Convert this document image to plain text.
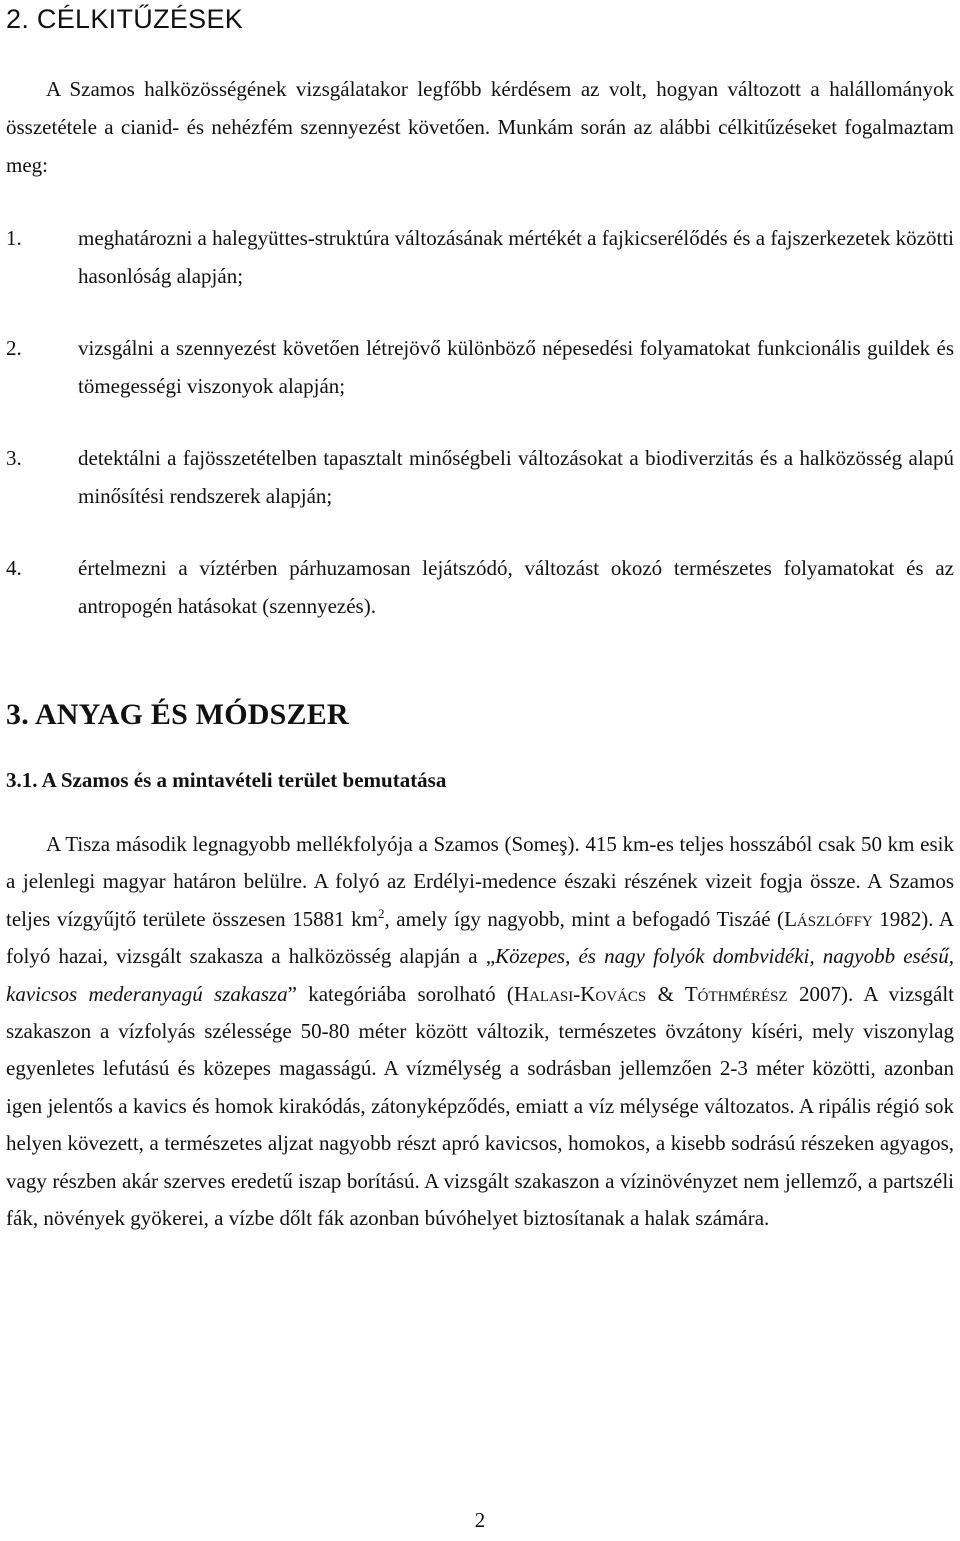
2. CÉLKITŰZÉSEK

A Szamos halközösségének vizsgálatakor legfőbb kérdésem az volt, hogyan változott a halállományok összetétele a cianid- és nehézfém szennyezést követően. Munkám során az alábbi célkitűzéseket fogalmaztam meg:

1.	meghatározni a halegyüttes-struktúra változásának mértékét a fajkicserélődés és a fajszerkezetek közötti hasonlóság alapján;
2.	vizsgálni a szennyezést követően létrejövő különböző népesedési folyamatokat funkcionális guildek és tömegességi viszonyok alapján;
3.	detektálni a fajösszetételben tapasztalt minőségbeli változásokat a biodiverzitás és a halközösség alapú minősítési rendszerek alapján;
4.	értelmezni a víztérben párhuzamosan lejátszódó, változást okozó természetes folyamatokat és az antropogén hatásokat (szennyezés).
3. ANYAG ÉS MÓDSZER
3.1. A Szamos és a mintavételi terület bemutatása

A Tisza második legnagyobb mellékfolyója a Szamos (Someş). 415 km-es teljes hosszából csak 50 km esik a jelenlegi magyar határon belülre. A folyó az Erdélyi-medence északi részének vizeit fogja össze. A Szamos teljes vízgyűjtő területe összesen 15881 $km^2$, amely így nagyobb, mint a befogadó Tiszáé (Lászlóffy 1982). A folyó hazai, vizsgált szakasza a halközösség alapján a „Közepes, és nagy folyók dombvidéki, nagyobb esésű, kavicsos mederanyagú szakasza” kategóriába sorolható (Halasi-Kovács & Tóthmérész 2007). A vizsgált szakaszon a vízfolyás szélessége 50-80 méter között változik, természetes övzátony kíséri, mely viszonylag egyenletes lefutású és közepes magasságú. A vízmélység a sodrásban jellemzően 2-3 méter közötti, azonban igen jelentős a kavics és homok kirakódás, zátonyképződés, emiatt a víz mélysége változatos. A ripális régió sok helyen kövezett, a természetes aljzat nagyobb részt apró kavicsos, homokos, a kisebb sodrású részeken agyagos, vagy részben akár szerves eredetű iszap borítású. A vizsgált szakaszon a vízinövényzet nem jellemző, a partszéli fák, növények gyökerei, a vízbe dőlt fák azonban búvóhelyet biztosítanak a halak számára.

2
